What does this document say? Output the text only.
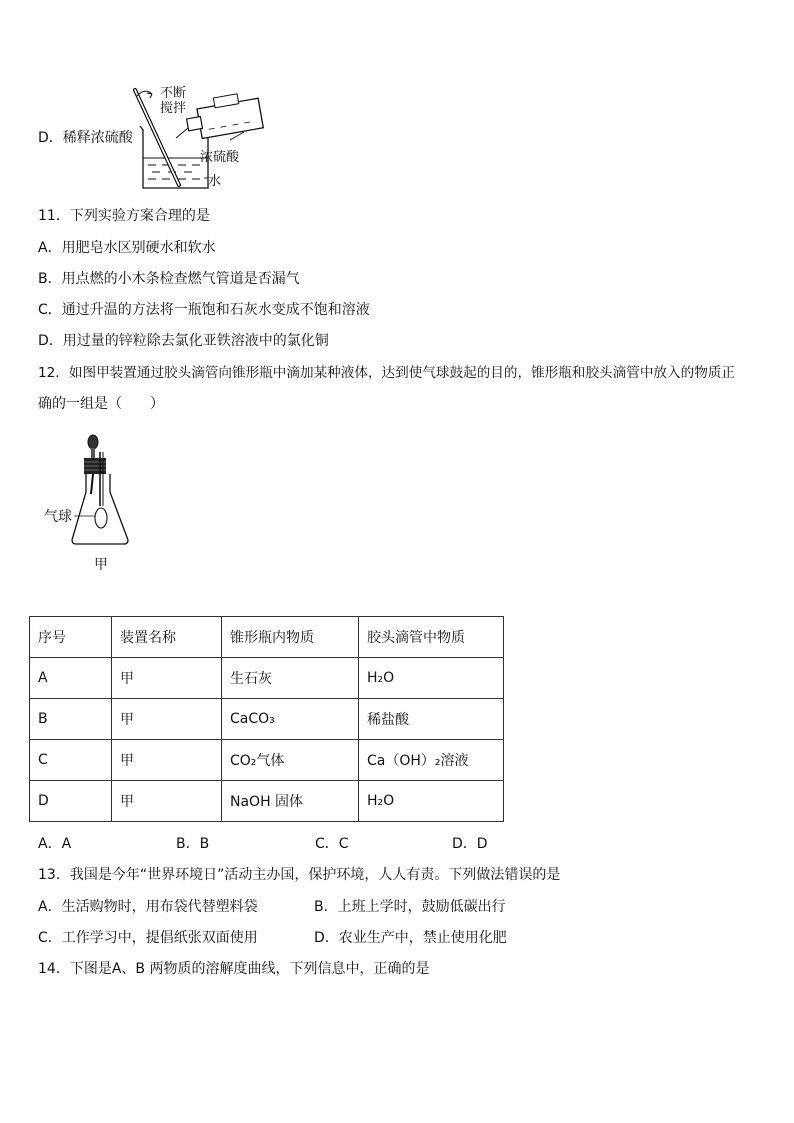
D．稀释浓硫酸
不断
搅拌
浓硫酸
水
11．下列实验方案合理的是
A．用肥皂水区别硬水和软水
B．用点燃的小木条检查燃气管道是否漏气
C．通过升温的方法将一瓶饱和石灰水变成不饱和溶液
D．用过量的锌粒除去氯化亚铁溶液中的氯化铜
12．如图甲装置通过胶头滴管向锥形瓶中滴加某种液体，达到使气球鼓起的目的，锥形瓶和胶头滴管中放入的物质正
确的一组是（　　）
气球
甲
序号	装置名称	锥形瓶内物质	胶头滴管中物质
A	甲	生石灰	H₂O
B	甲	CaCO₃	稀盐酸
C	甲	CO₂气体	Ca（OH）₂溶液
D	甲	NaOH 固体	H₂O
A．A	B．B	C．C	D．D
13．我国是今年“世界环境日”活动主办国，保护环境，人人有责。下列做法错误的是
A．生活购物时，用布袋代替塑料袋	B．上班上学时，鼓励低碳出行
C．工作学习中，提倡纸张双面使用	D．农业生产中，禁止使用化肥
14．下图是A、B 两物质的溶解度曲线，下列信息中，正确的是
